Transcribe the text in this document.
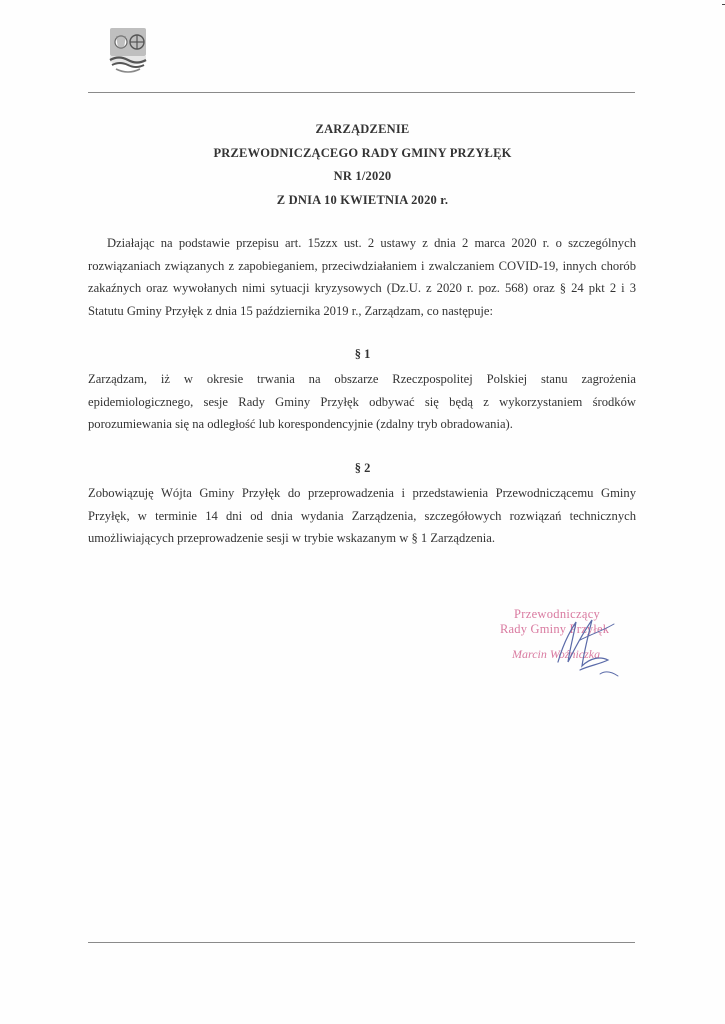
ZARZĄDZENIE
PRZEWODNICZĄCEGO RADY GMINY PRZYŁĘK
NR 1/2020
Z DNIA 10 KWIETNIA 2020 r.
Działając na podstawie przepisu art. 15zzx ust. 2 ustawy z dnia 2 marca 2020 r. o szczególnych rozwiązaniach związanych z zapobieganiem, przeciwdziałaniem i zwalczaniem COVID-19, innych chorób zakaźnych oraz wywołanych nimi sytuacji kryzysowych (Dz.U. z 2020 r. poz. 568) oraz § 24 pkt 2 i 3 Statutu Gminy Przyłęk z dnia 15 października 2019 r., Zarządzam, co następuje:
§ 1
Zarządzam, iż w okresie trwania na obszarze Rzeczpospolitej Polskiej stanu zagrożenia epidemiologicznego, sesje Rady Gminy Przyłęk odbywać się będą z wykorzystaniem środków porozumiewania się na odległość lub korespondencyjnie (zdalny tryb obradowania).
§ 2
Zobowiązuję Wójta Gminy Przyłęk do przeprowadzenia i przedstawienia Przewodniczącemu Gminy Przyłęk, w terminie 14 dni od dnia wydania Zarządzenia, szczegółowych rozwiązań technicznych umożliwiających przeprowadzenie sesji w trybie wskazanym w § 1 Zarządzenia.
Przewodniczący
Rady Gminy Przyłęk
Marcin Woźniczka
